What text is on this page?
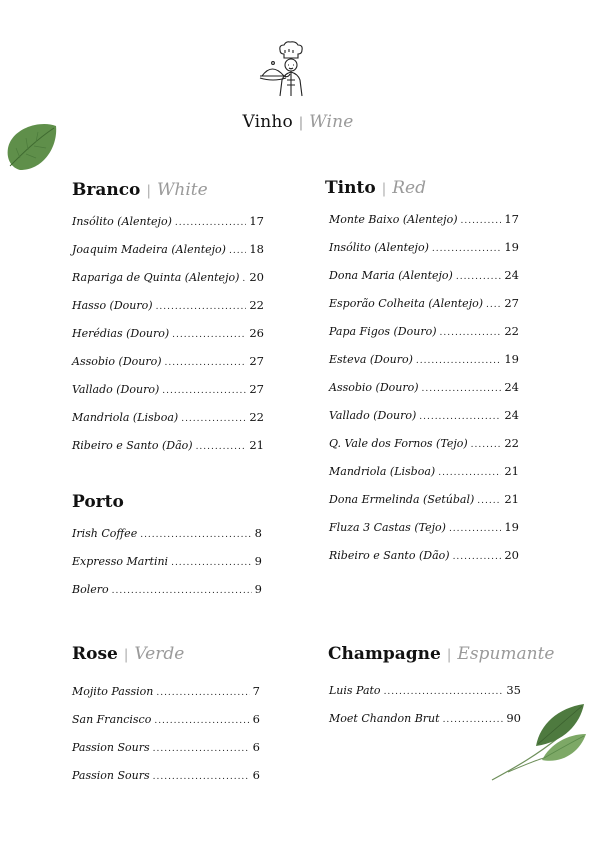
Vinho | Wine
Branco | White
Insólito (Alentejo) .....	17
Joaquim Madeira (Alentejo) ..... 18
Rapariga de Quinta (Alentejo) ..... 20
Hasso (Douro) .....	22
Herédias (Douro) .....	26
Assobio (Douro) .....	27
Vallado (Douro) .....	27
Mandriola (Lisboa) .....	22
Ribeiro e Santo (Dão) .....	21
Tinto | Red
Monte Baixo (Alentejo) .....	17
Insólito (Alentejo) .....	19
Dona Maria (Alentejo) .....	24
Esporão Colheita (Alentejo) ..... 27
Papa Figos (Douro) .....	22
Esteva (Douro) .....	19
Assobio (Douro) .....	24
Vallado (Douro) .....	24
Q. Vale dos Fornos (Tejo) .....	22
Mandriola (Lisboa) .....	21
Dona Ermelinda (Setúbal) .....	21
Fluza 3 Castas (Tejo) .....	19
Ribeiro e Santo (Dão) .....	20
Porto
Irish Coffee .....	8
Expresso Martini .....	9
Bolero .....	9
Rose | Verde
Mojito Passion .....	7
San Francisco .....	6
Passion Sours .....	6
Passion Sours .....	6
Champagne | Espumante
Luis Pato .....	35
Moet Chandon Brut .....	90
